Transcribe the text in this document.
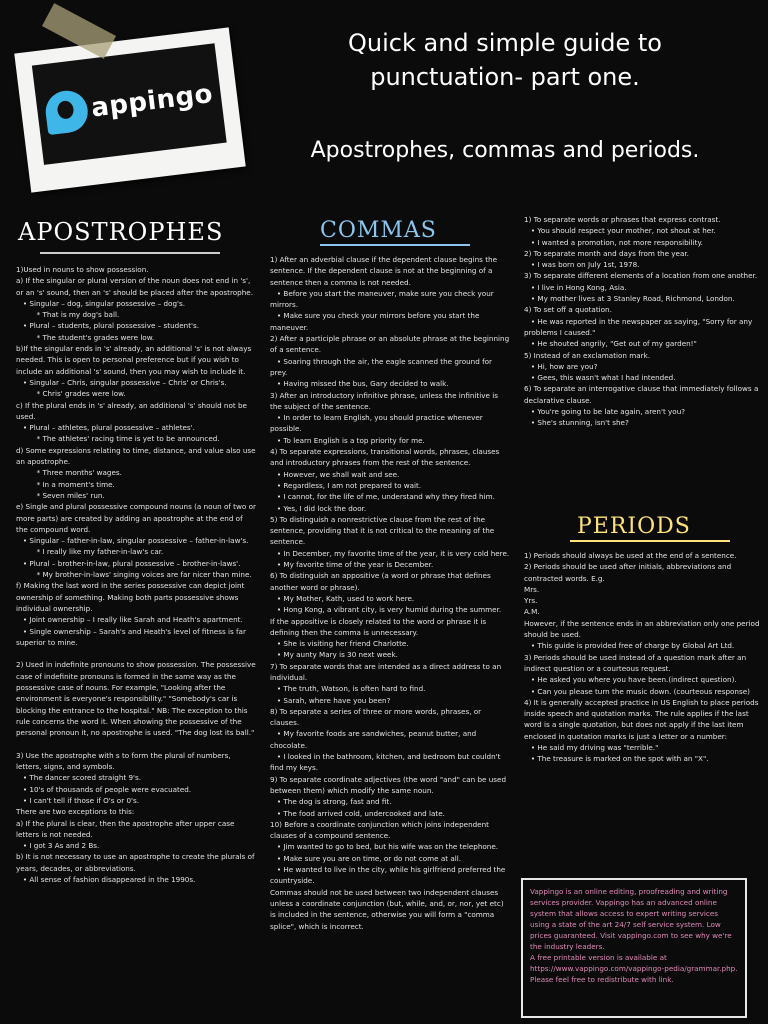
appingo
Quick and simple guide to
punctuation- part one.
Apostrophes, commas and periods.
APOSTROPHES	COMMAS
PERIODS

1)Used in nouns to show possession.

a) If the singular or plural version of the noun does not end in 's', or an 's' sound, then an 's' should be placed after the apostrophe.

• Singular – dog, singular possessive – dog's.

* That is my dog's ball.

• Plural – students, plural possessive – student's.

* The student's grades were low.

b)If the singular ends in 's' already, an additional 's' is not always needed. This is open to personal preference but if you wish to include an additional 's' sound, then you may wish to include it.

• Singular – Chris, singular possessive – Chris' or Chris's.

* Chris' grades were low.

c) If the plural ends in 's' already, an additional 's' should not be used.

• Plural – athletes, plural possessive – athletes'.

* The athletes' racing time is yet to be announced.

d) Some expressions relating to time, distance, and value also use an apostrophe.

* Three months' wages.

* In a moment's time.

* Seven miles' run.

e) Single and plural possessive compound nouns (a noun of two or more parts) are created by adding an apostrophe at the end of the compound word.

• Singular – father-in-law, singular possessive – father-in-law's.

* I really like my father-in-law's car.

• Plural – brother-in-law, plural possessive – brother-in-laws'.

* My brother-in-laws' singing voices are far nicer than mine.

f) Making the last word in the series possessive can depict joint ownership of something. Making both parts possessive shows individual ownership.

• Joint ownership – I really like Sarah and Heath's apartment.

• Single ownership – Sarah's and Heath's level of fitness is far superior to mine.

2) Used in indefinite pronouns to show possession. The possessive case of indefinite pronouns is formed in the same way as the possessive case of nouns. For example, "Looking after the environment is everyone's responsibility." "Somebody's car is blocking the entrance to the hospital." NB: The exception to this rule concerns the word it. When showing the possessive of the personal pronoun it, no apostrophe is used. "The dog lost its ball."

3) Use the apostrophe with s to form the plural of numbers, letters, signs, and symbols.

• The dancer scored straight 9's.

• 10's of thousands of people were evacuated.

• I can't tell if those if O's or 0's.

There are two exceptions to this:

a) If the plural is clear, then the apostrophe after upper case letters is not needed.

• I got 3 As and 2 Bs.

b) It is not necessary to use an apostrophe to create the plurals of years, decades, or abbreviations.

• All sense of fashion disappeared in the 1990s.

1) After an adverbial clause if the dependent clause begins the sentence. If the dependent clause is not at the beginning of a sentence then a comma is not needed.

• Before you start the maneuver, make sure you check your mirrors.

• Make sure you check your mirrors before you start the maneuver.

2) After a participle phrase or an absolute phrase at the beginning of a sentence.

• Soaring through the air, the eagle scanned the ground for prey.

• Having missed the bus, Gary decided to walk.

3) After an introductory infinitive phrase, unless the infinitive is the subject of the sentence.

• In order to learn English, you should practice whenever possible.

• To learn English is a top priority for me.

4) To separate expressions, transitional words, phrases, clauses and introductory phrases from the rest of the sentence.

• However, we shall wait and see.

• Regardless, I am not prepared to wait.

• I cannot, for the life of me, understand why they fired him.

• Yes, I did lock the door.

5) To distinguish a nonrestrictive clause from the rest of the sentence, providing that it is not critical to the meaning of the sentence.

• In December, my favorite time of the year, it is very cold here.

• My favorite time of the year is December.

6) To distinguish an appositive (a word or phrase that defines another word or phrase).

• My Mother, Kath, used to work here.

• Hong Kong, a vibrant city, is very humid during the summer.

If the appositive is closely related to the word or phrase it is defining then the comma is unnecessary.

• She is visiting her friend Charlotte.

• My aunty Mary is 30 next week.

7) To separate words that are intended as a direct address to an individual.

• The truth, Watson, is often hard to find.

• Sarah, where have you been?

8) To separate a series of three or more words, phrases, or clauses.

• My favorite foods are sandwiches, peanut butter, and chocolate.

• I looked in the bathroom, kitchen, and bedroom but couldn't find my keys.

9) To separate coordinate adjectives (the word "and" can be used between them) which modify the same noun.

• The dog is strong, fast and fit.

• The food arrived cold, undercooked and late.

10) Before a coordinate conjunction which joins independent clauses of a compound sentence.

• Jim wanted to go to bed, but his wife was on the telephone.

• Make sure you are on time, or do not come at all.

• He wanted to live in the city, while his girlfriend preferred the countryside.

Commas should not be used between two independent clauses unless a coordinate conjunction (but, while, and, or, nor, yet etc) is included in the sentence, otherwise you will form a "comma splice", which is incorrect.

1) To separate words or phrases that express contrast.

• You should respect your mother, not shout at her.

• I wanted a promotion, not more responsibility.

2) To separate month and days from the year.

• I was born on July 1st, 1978.

3) To separate different elements of a location from one another.

• I live in Hong Kong, Asia.

• My mother lives at 3 Stanley Road, Richmond, London.

4) To set off a quotation.

• He was reported in the newspaper as saying, "Sorry for any problems I caused."

• He shouted angrily, "Get out of my garden!"

5) Instead of an exclamation mark.

• Hi, how are you?

• Gees, this wasn't what I had intended.

6) To separate an interrogative clause that immediately follows a declarative clause.

• You're going to be late again, aren't you?

• She's stunning, isn't she?

1) Periods should always be used at the end of a sentence.

2) Periods should be used after initials, abbreviations and contracted words. E.g.

Mrs.

Yrs.

A.M.

However, if the sentence ends in an abbreviation only one period should be used.

• This guide is provided free of charge by Global Art Ltd.

3) Periods should be used instead of a question mark after an indirect question or a courteous request.

• He asked you where you have been.(indirect question).

• Can you please turn the music down. (courteous response)

4) It is generally accepted practice in US English to place periods inside speech and quotation marks. The rule applies if the last word is a single quotation, but does not apply if the last item enclosed in quotation marks is just a letter or a number:

• He said my driving was "terrible."

• The treasure is marked on the spot with an "X".

Vappingo is an online editing, proofreading and writing services provider. Vappingo has an advanced online system that allows access to expert writing services using a state of the art 24/7 self service system. Low prices guaranteed. Visit vappingo.com to see why we're the industry leaders.

A free printable version is available at https://www.vappingo.com/vappingo-pedia/grammar.php. Please feel free to redistribute with link.
